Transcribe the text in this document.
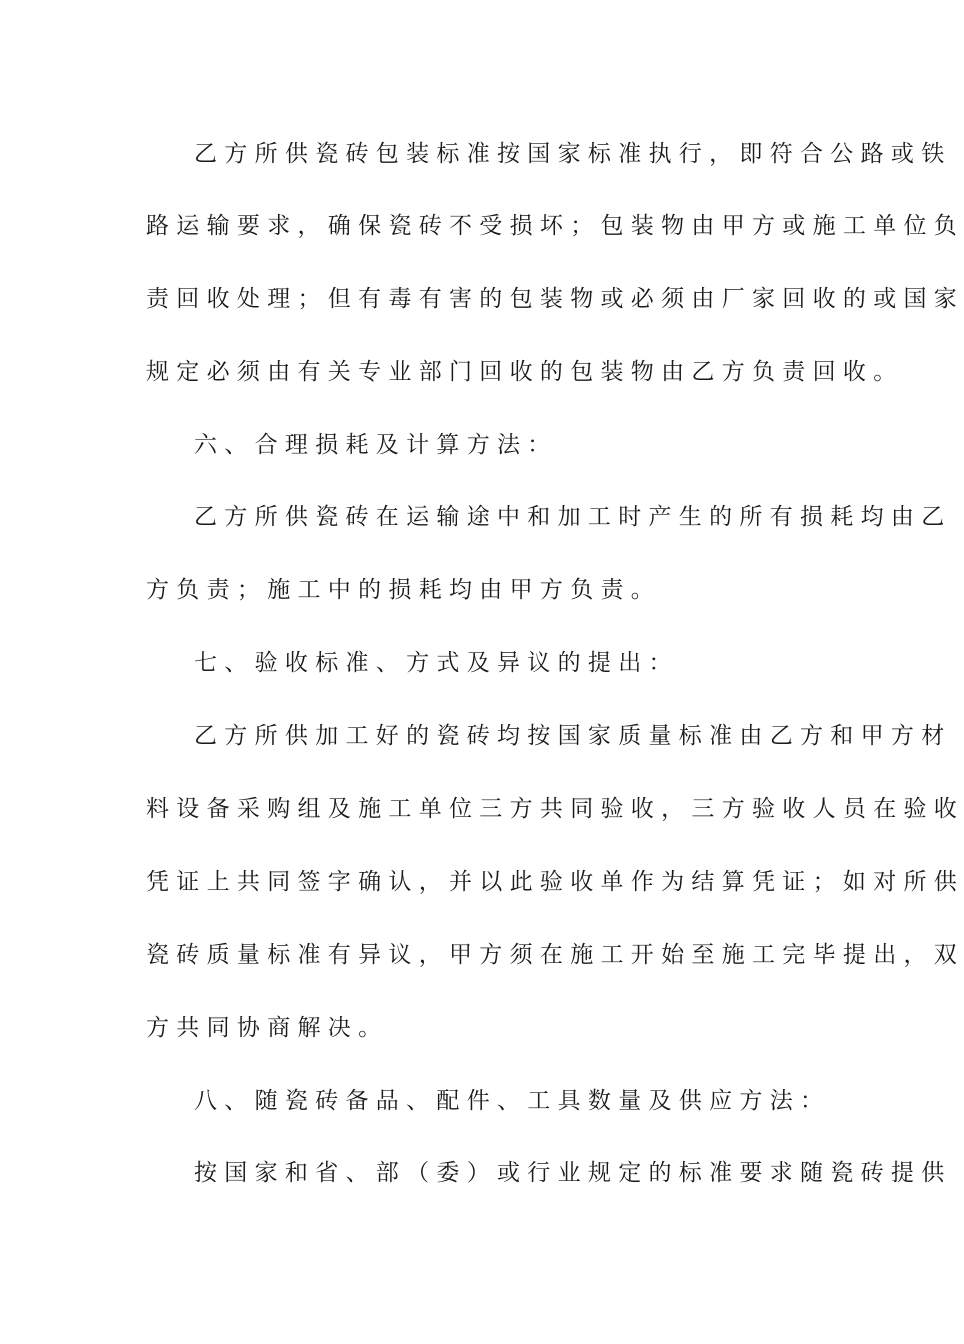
乙方所供瓷砖包装标准按国家标准执行，即符合公路或铁
路运输要求，确保瓷砖不受损坏；包装物由甲方或施工单位负
责回收处理；但有毒有害的包装物或必须由厂家回收的或国家
规定必须由有关专业部门回收的包装物由乙方负责回收。
六、合理损耗及计算方法：
乙方所供瓷砖在运输途中和加工时产生的所有损耗均由乙
方负责；施工中的损耗均由甲方负责。
七、验收标准、方式及异议的提出：
乙方所供加工好的瓷砖均按国家质量标准由乙方和甲方材
料设备采购组及施工单位三方共同验收，三方验收人员在验收
凭证上共同签字确认，并以此验收单作为结算凭证；如对所供
瓷砖质量标准有异议，甲方须在施工开始至施工完毕提出，双
方共同协商解决。
八、随瓷砖备品、配件、工具数量及供应方法：
按国家和省、部（委）或行业规定的标准要求随瓷砖提供
